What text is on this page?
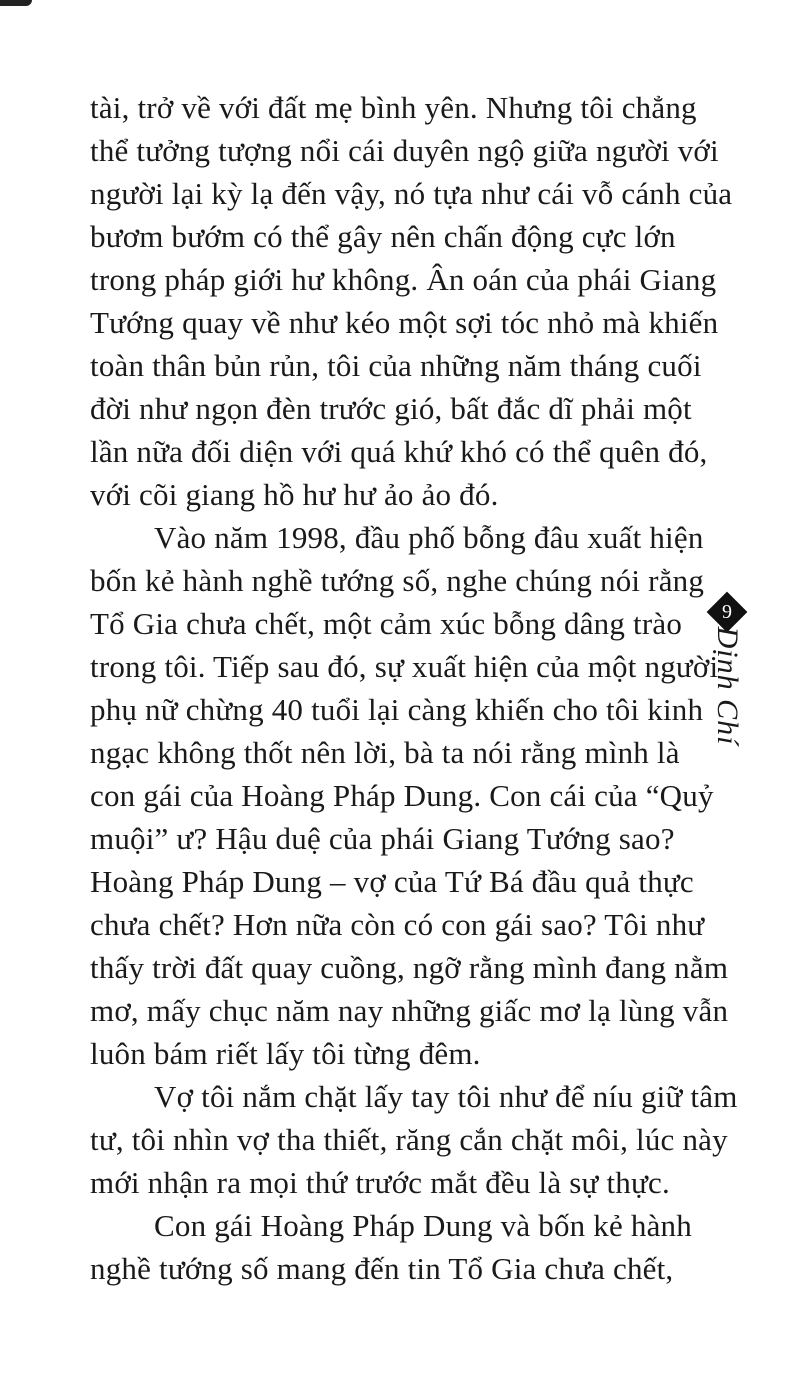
tài, trở về với đất mẹ bình yên. Nhưng tôi chẳng
thể tưởng tượng nổi cái duyên ngộ giữa người với
người lại kỳ lạ đến vậy, nó tựa như cái vỗ cánh của
bươm bướm có thể gây nên chấn động cực lớn
trong pháp giới hư không. Ân oán của phái Giang
Tướng quay về như kéo một sợi tóc nhỏ mà khiến
toàn thân bủn rủn, tôi của những năm tháng cuối
đời như ngọn đèn trước gió, bất đắc dĩ phải một
lần nữa đối diện với quá khứ khó có thể quên đó,
với cõi giang hồ hư hư ảo ảo đó.
Vào năm 1998, đầu phố bỗng đâu xuất hiện
bốn kẻ hành nghề tướng số, nghe chúng nói rằng
Tổ Gia chưa chết, một cảm xúc bỗng dâng trào
trong tôi. Tiếp sau đó, sự xuất hiện của một người
phụ nữ chừng 40 tuổi lại càng khiến cho tôi kinh
ngạc không thốt nên lời, bà ta nói rằng mình là
con gái của Hoàng Pháp Dung. Con cái của “Quỷ
muội” ư? Hậu duệ của phái Giang Tướng sao?
Hoàng Pháp Dung – vợ của Tứ Bá đầu quả thực
chưa chết? Hơn nữa còn có con gái sao? Tôi như
thấy trời đất quay cuồng, ngỡ rằng mình đang nằm
mơ, mấy chục năm nay những giấc mơ lạ lùng vẫn
luôn bám riết lấy tôi từng đêm.
Vợ tôi nắm chặt lấy tay tôi như để níu giữ tâm
tư, tôi nhìn vợ tha thiết, răng cắn chặt môi, lúc này
mới nhận ra mọi thứ trước mắt đều là sự thực.
Con gái Hoàng Pháp Dung và bốn kẻ hành
nghề tướng số mang đến tin Tổ Gia chưa chết,
9
Dịnh Chí
